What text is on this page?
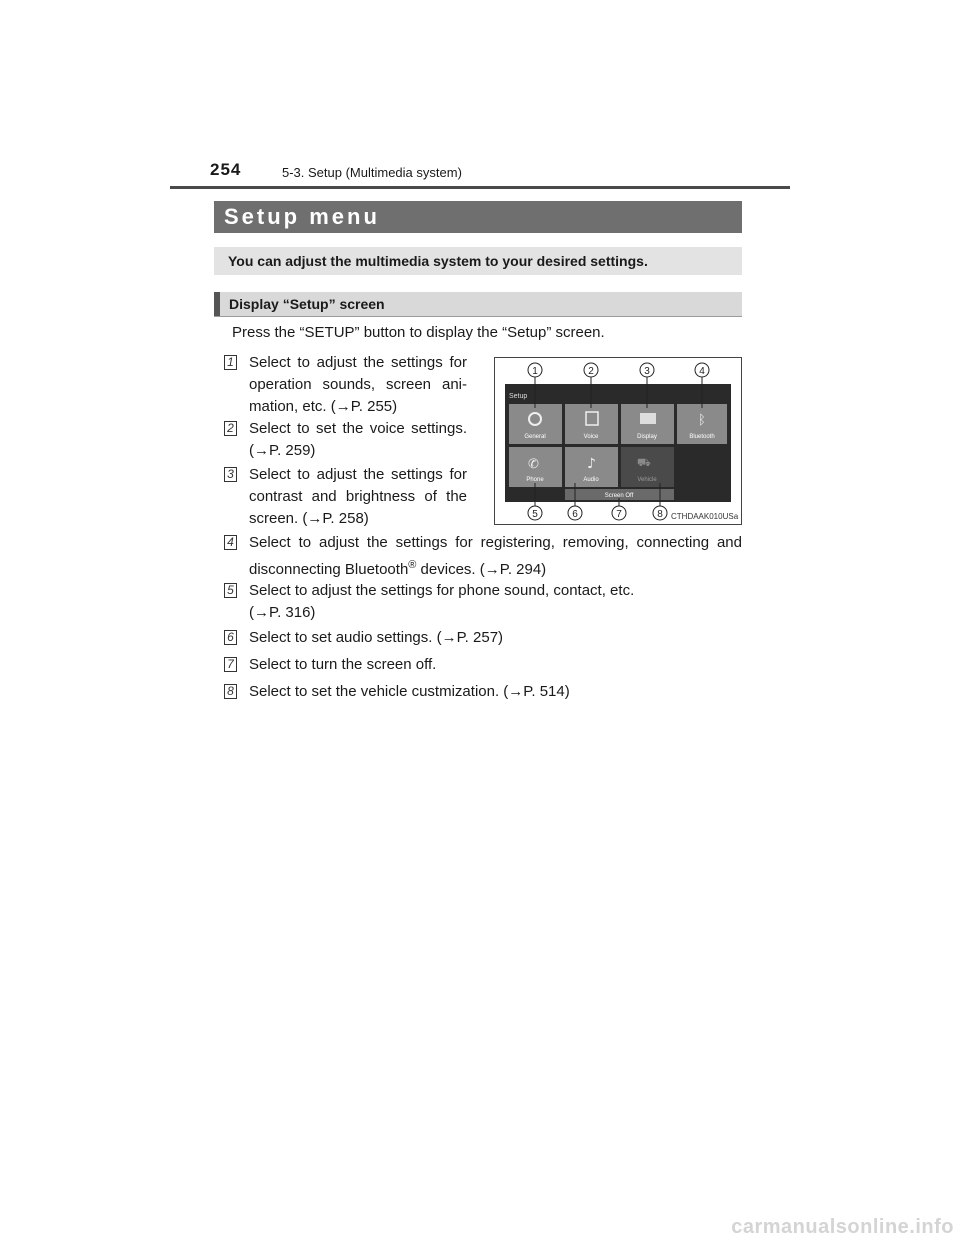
254	5-3. Setup (Multimedia system)
Setup menu
You can adjust the multimedia system to your desired settings.
Display “Setup” screen
Press the “SETUP” button to display the “Setup” screen.
1 Select to adjust the settings for operation sounds, screen ani-mation, etc. (→P. 255)
2 Select to set the voice settings. (→P. 259)
3 Select to adjust the settings for contrast and brightness of the screen. (→P. 258)
4 Select to adjust the settings for registering, removing, connecting and disconnecting Bluetooth® devices. (→P. 294)
5 Select to adjust the settings for phone sound, contact, etc.
(→P. 316)
6 Select to set audio settings. (→P. 257)
7 Select to turn the screen off.
8 Select to set the vehicle custmization. (→P. 514)
Setup
ᛒ
✆	♪	⛟
General	Voice	Display	Bluetooth
Phone	Audio	Vehicle
Screen Off
1	2	3	4
5	6	7	8 CTHDAAK010USa
carmanualsonline.info
